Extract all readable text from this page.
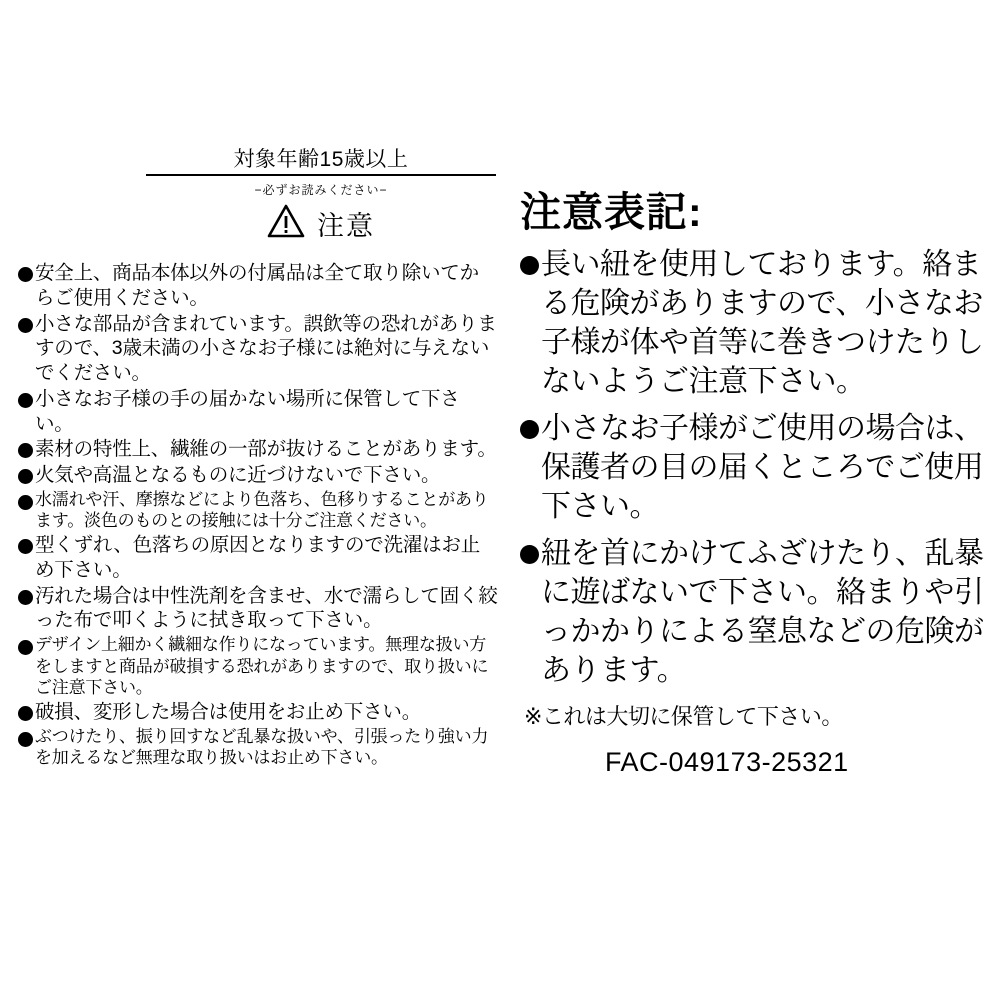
対象年齢15歳以上
−必ずお読みください−
注意
安全上、商品本体以外の付属品は全て取り除いてからご使用ください。
小さな部品が含まれています。誤飲等の恐れがありますので、3歳未満の小さなお子様には絶対に与えないでください。
小さなお子様の手の届かない場所に保管して下さい。
素材の特性上、繊維の一部が抜けることがあります。
火気や高温となるものに近づけないで下さい。
水濡れや汗、摩擦などにより色落ち、色移りすることがあります。淡色のものとの接触には十分ご注意ください。
型くずれ、色落ちの原因となりますので洗濯はお止め下さい。
汚れた場合は中性洗剤を含ませ、水で濡らして固く絞った布で叩くように拭き取って下さい。
デザイン上細かく繊細な作りになっています。無理な扱い方をしますと商品が破損する恐れがありますので、取り扱いにご注意下さい。
破損、変形した場合は使用をお止め下さい。
ぶつけたり、振り回すなど乱暴な扱いや、引張ったり強い力を加えるなど無理な取り扱いはお止め下さい。
注意表記:
長い紐を使用しております。絡まる危険がありますので、小さなお子様が体や首等に巻きつけたりしないようご注意下さい。
小さなお子様がご使用の場合は、保護者の目の届くところでご使用下さい。
紐を首にかけてふざけたり、乱暴に遊ばないで下さい。絡まりや引っかかりによる窒息などの危険があります。
※これは大切に保管して下さい。
FAC-049173-25321
